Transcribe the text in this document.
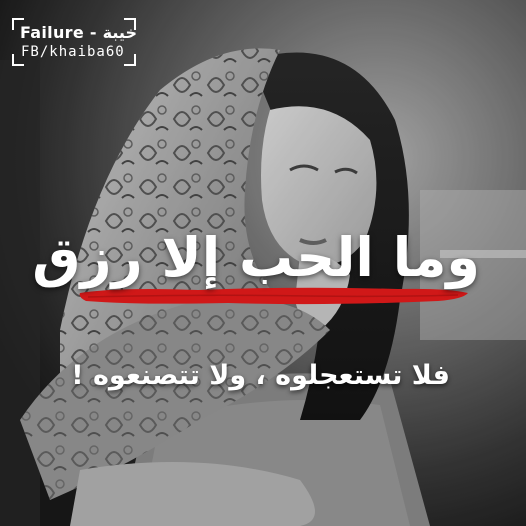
Failure - خيبة
FB/khaiba60
وما الحب إلا رزق
فلا تستعجلوه ، ولا تتصنعوه !
